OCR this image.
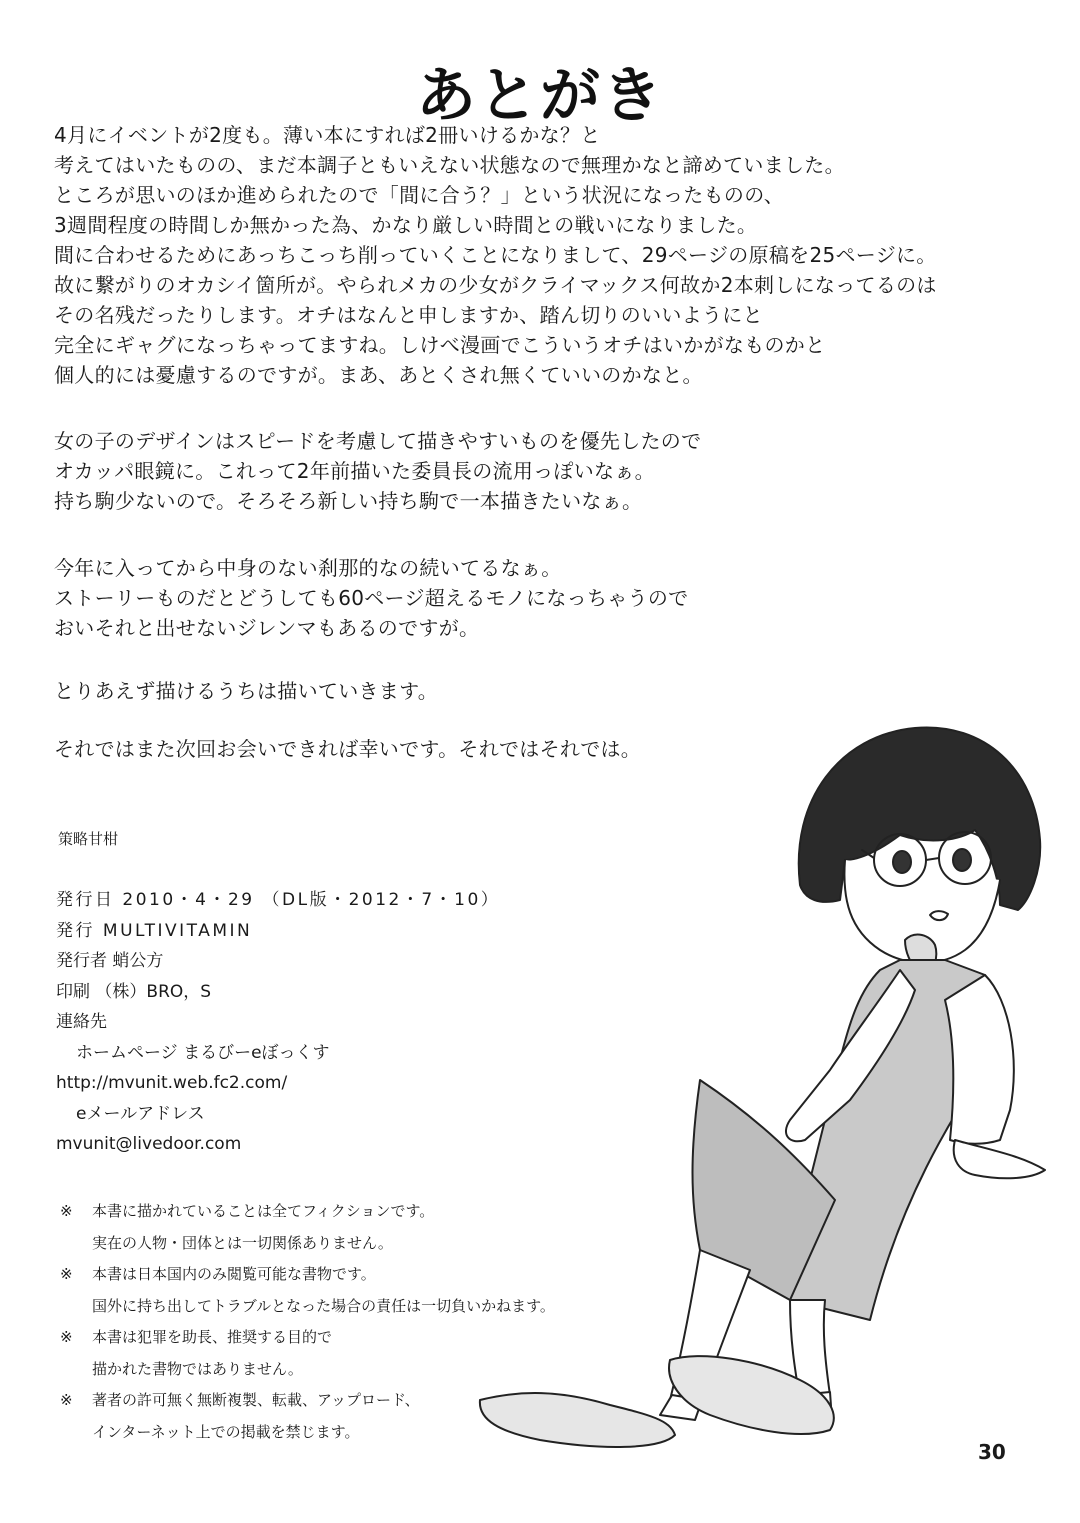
あとがき
4月にイベントが2度も。薄い本にすれば2冊いけるかな？と
考えてはいたものの、まだ本調子ともいえない状態なので無理かなと諦めていました。
ところが思いのほか進められたので「間に合う？」という状況になったものの、
3週間程度の時間しか無かった為、かなり厳しい時間との戦いになりました。
間に合わせるためにあっちこっち削っていくことになりまして、29ページの原稿を25ページに。
故に繋がりのオカシイ箇所が。やられメカの少女がクライマックス何故か2本刺しになってるのは
その名残だったりします。オチはなんと申しますか、踏ん切りのいいようにと
完全にギャグになっちゃってますね。しけべ漫画でこういうオチはいかがなものかと
個人的には憂慮するのですが。まあ、あとくされ無くていいのかなと。
女の子のデザインはスピードを考慮して描きやすいものを優先したので
オカッパ眼鏡に。これって2年前描いた委員長の流用っぽいなぁ。
持ち駒少ないので。そろそろ新しい持ち駒で一本描きたいなぁ。
今年に入ってから中身のない刹那的なの続いてるなぁ。
ストーリーものだとどうしても60ページ超えるモノになっちゃうので
おいそれと出せないジレンマもあるのですが。
とりあえず描けるうちは描いていきます。
それではまた次回お会いできれば幸いです。それではそれでは。
策略甘柑
発行日 2010・4・29 （DL版・2012・7・10）
発行 MULTIVITAMIN
発行者 蛸公方
印刷 （株）BRO，S
連絡先
ホームページ まるびーeぼっくす
http://mvunit.web.fc2.com/
eメールアドレス
mvunit@livedoor.com
※ 本書に描かれていることは全てフィクションです。
実在の人物・団体とは一切関係ありません。
※ 本書は日本国内のみ閲覧可能な書物です。
国外に持ち出してトラブルとなった場合の責任は一切負いかねます。
※ 本書は犯罪を助長、推奨する目的で
描かれた書物ではありません。
※ 著者の許可無く無断複製、転載、アップロード、
インターネット上での掲載を禁じます。
30
